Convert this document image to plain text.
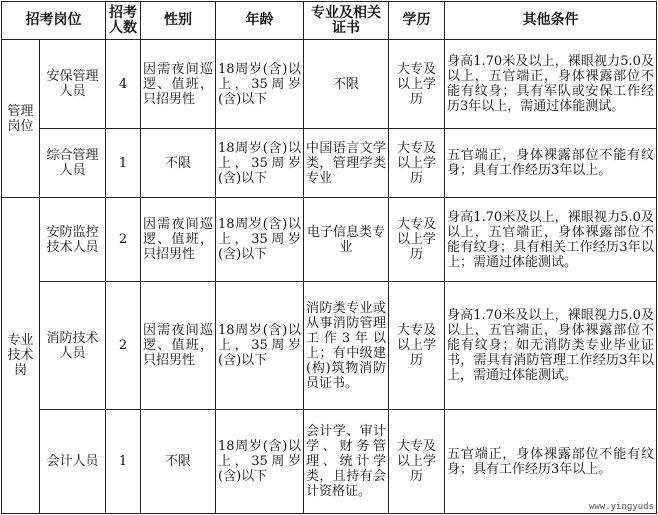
招考岗位		招考人数	性别	年龄	专业及相关证书	学历	其他条件
管理岗位	安保管理人员	4	因需夜间巡逻、值班，只招男性	18周岁(含)以上，35周岁(含)以下	不限	大专及以上学历	身高1.70米及以上，裸眼视力5.0及以上，五官端正，身体裸露部位不能有纹身；具有军队或安保工作经历3年以上，需通过体能测试。
	综合管理人员	1	不限	18周岁(含)以上，35周岁(含)以下	中国语言文学类，管理学类专业	大专及以上学历	五官端正，身体裸露部位不能有纹身；具有工作经历3年以上。
专业技术岗	安防监控技术人员	2	因需夜间巡逻、值班，只招男性	18周岁(含)以上，35周岁(含)以下	电子信息类专业	大专及以上学历	身高1.70米及以上，裸眼视力5.0及以上，五官端正，身体裸露部位不能有纹身；具有相关工作经历3年以上；需通过体能测试。
	消防技术人员	2	因需夜间巡逻、值班，只招男性	18周岁(含)以上，35周岁(含)以下	消防类专业或从事消防管理工作3年以上；有中级建(构)筑物消防员证书。	大专及以上学历	身高1.70米及以上，裸眼视力5.0及以上，五官端正，身体裸露部位不能有纹身；如无消防类专业毕业证书，需具有消防管理工作经历3年以上，需通过体能测试。
	会计人员	1	不限	18周岁(含)以上，35周岁(含)以下	会计学、审计学、财务管理、统计学类，且持有会计资格证。	大专及以上学历	五官端正，身体裸露部位不能有纹身；具有工作经历3年以上。
www.yingyuds
